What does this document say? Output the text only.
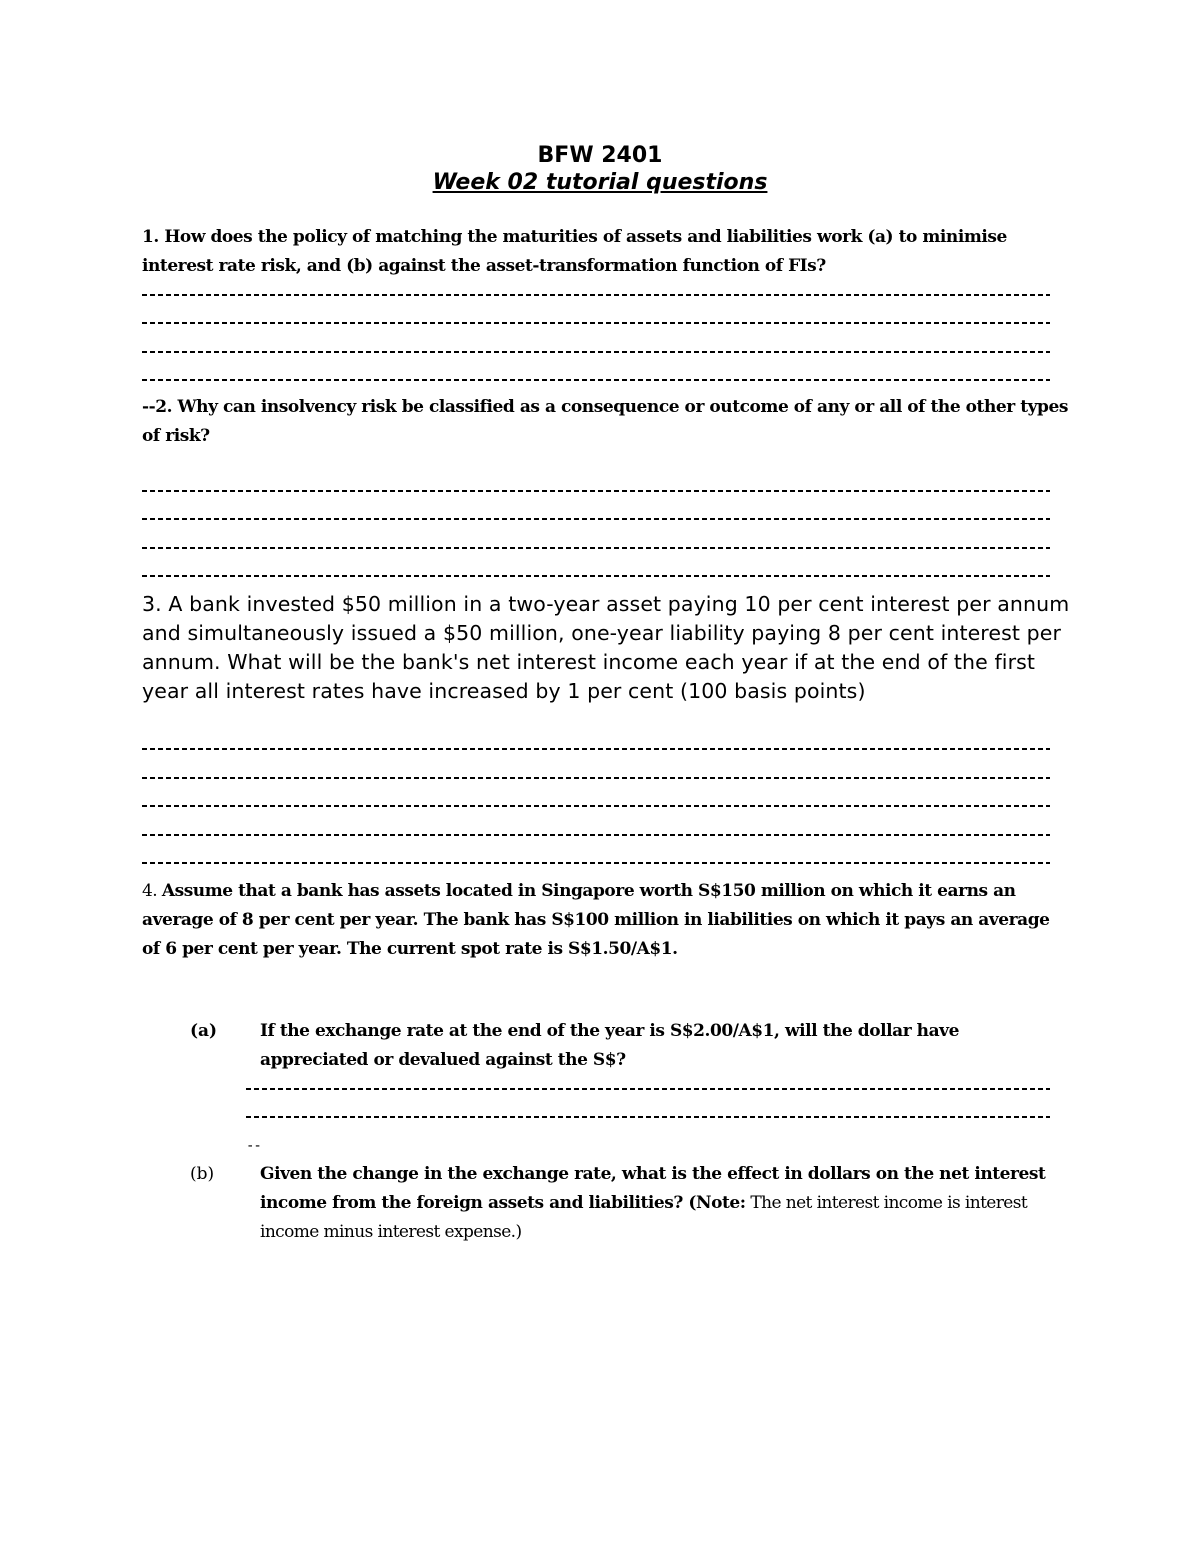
BFW 2401
Week 02 tutorial questions
1. How does the policy of matching the maturities of assets and liabilities work (a) to minimise interest rate risk, and (b) against the asset-transformation function of FIs?
--2. Why can insolvency risk be classified as a consequence or outcome of any or all of the other types of risk?
3. A bank invested $50 million in a two-year asset paying 10 per cent interest per annum and simultaneously issued a $50 million, one-year liability paying 8 per cent interest per annum. What will be the bank's net interest income each year if at the end of the first year all interest rates have increased by 1 per cent (100 basis points)
4. Assume that a bank has assets located in Singapore worth S$150 million on which it earns an average of 8 per cent per year. The bank has S$100 million in liabilities on which it pays an average of 6 per cent per year. The current spot rate is S$1.50/A$1.
(a)	If the exchange rate at the end of the year is S$2.00/A$1, will the dollar have appreciated or devalued against the S$?
--
(b)	Given the change in the exchange rate, what is the effect in dollars on the net interest income from the foreign assets and liabilities? (Note: The net interest income is interest income minus interest expense.)
